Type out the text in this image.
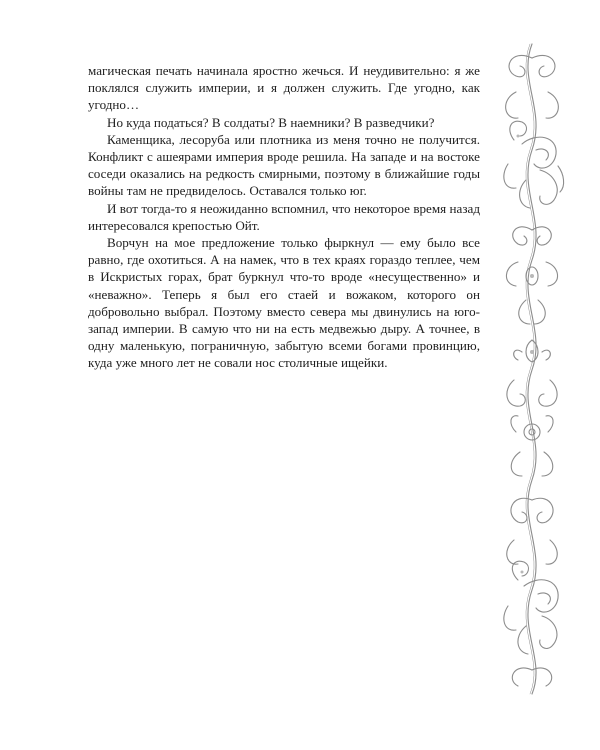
магическая печать начинала яростно жечься. И неудивительно: я же поклялся служить империи, и я должен служить. Где угодно, как угодно…

Но куда податься? В солдаты? В наемники? В разведчики?

Каменщика, лесоруба или плотника из меня точно не получится. Конфликт с ашеярами империя вроде решила. На западе и на востоке соседи оказались на редкость смирными, поэтому в ближайшие годы войны там не предвиделось. Оставался только юг.

И вот тогда-то я неожиданно вспомнил, что некоторое время назад интересовался крепостью Ойт.

Ворчун на мое предложение только фыркнул — ему было все равно, где охотиться. А на намек, что в тех краях гораздо теплее, чем в Искристых горах, брат буркнул что-то вроде «несущественно» и «неважно». Теперь я был его стаей и вожаком, которого он добровольно выбрал. Поэтому вместо севера мы двинулись на юго-запад империи. В самую что ни на есть медвежью дыру. А точнее, в одну маленькую, пограничную, забытую всеми богами провинцию, куда уже много лет не совали нос столичные ищейки.
